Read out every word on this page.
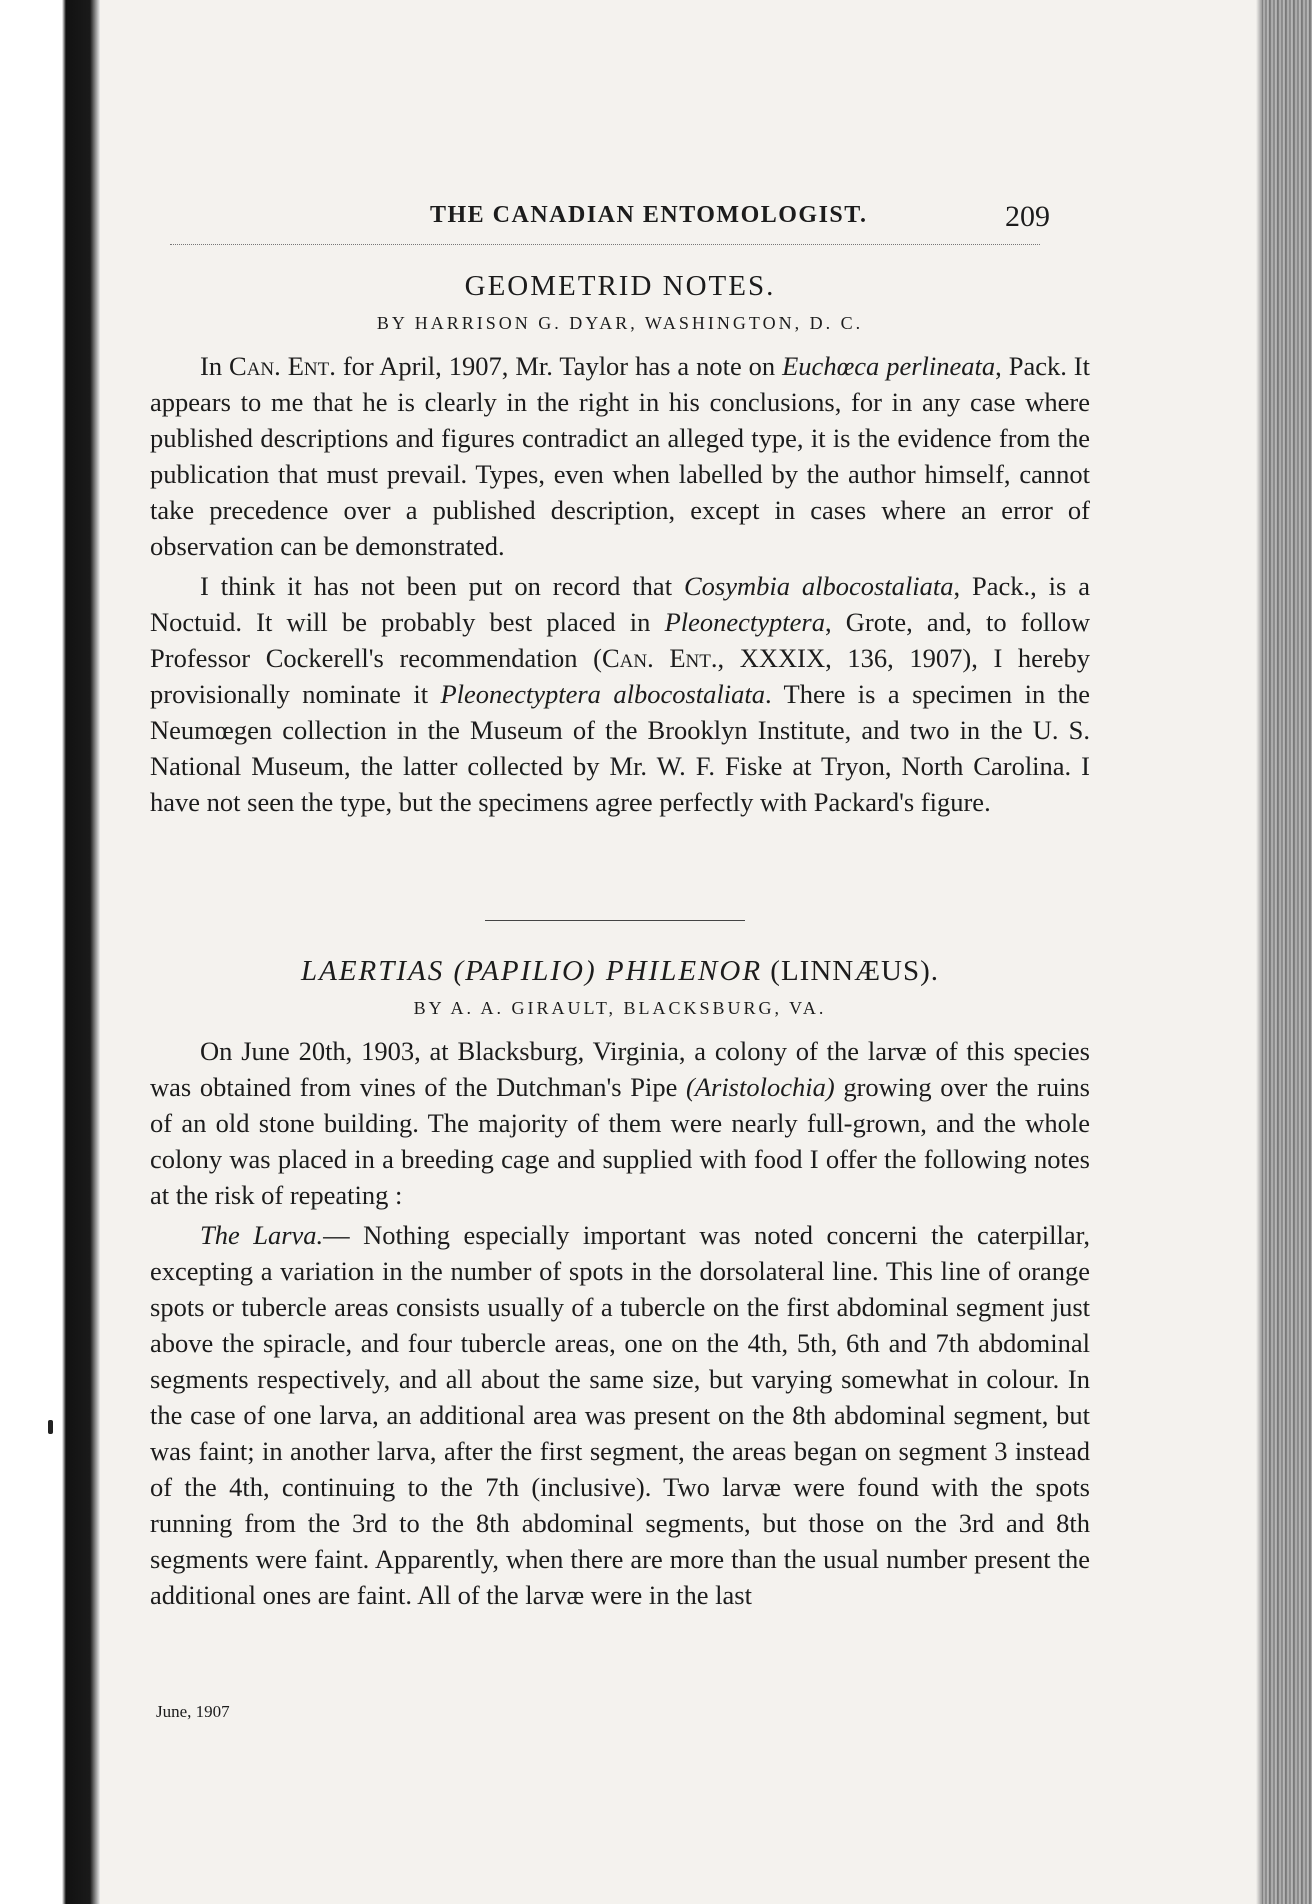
THE CANADIAN ENTOMOLOGIST.	209
GEOMETRID NOTES.
BY HARRISON G. DYAR, WASHINGTON, D. C.

In Can. Ent. for April, 1907, Mr. Taylor has a note on Euchœca perlineata, Pack. It appears to me that he is clearly in the right in his conclusions, for in any case where published descriptions and figures contradict an alleged type, it is the evidence from the publication that must prevail. Types, even when labelled by the author himself, cannot take precedence over a published description, except in cases where an error of observation can be demonstrated.

I think it has not been put on record that Cosymbia albocostaliata, Pack., is a Noctuid. It will be probably best placed in Pleonectyptera, Grote, and, to follow Professor Cockerell's recommendation (Can. Ent., XXXIX, 136, 1907), I hereby provisionally nominate it Pleonectyptera albocostaliata. There is a specimen in the Neumœgen collection in the Museum of the Brooklyn Institute, and two in the U. S. National Museum, the latter collected by Mr. W. F. Fiske at Tryon, North Carolina. I have not seen the type, but the specimens agree perfectly with Packard's figure.

LAERTIAS (PAPILIO) PHILENOR (LINNÆUS).
BY A. A. GIRAULT, BLACKSBURG, VA.

On June 20th, 1903, at Blacksburg, Virginia, a colony of the larvæ of this species was obtained from vines of the Dutchman's Pipe (Aristolochia) growing over the ruins of an old stone building. The majority of them were nearly full-grown, and the whole colony was placed in a breeding cage and supplied with food I offer the following notes at the risk of repeating :

The Larva.— Nothing especially important was noted concerni the caterpillar, excepting a variation in the number of spots in the dorsolateral line. This line of orange spots or tubercle areas consists usually of a tubercle on the first abdominal segment just above the spiracle, and four tubercle areas, one on the 4th, 5th, 6th and 7th abdominal segments respectively, and all about the same size, but varying somewhat in colour. In the case of one larva, an additional area was present on the 8th abdominal segment, but was faint; in another larva, after the first segment, the areas began on segment 3 instead of the 4th, continuing to the 7th (inclusive). Two larvæ were found with the spots running from the 3rd to the 8th abdominal segments, but those on the 3rd and 8th segments were faint. Apparently, when there are more than the usual number present the additional ones are faint. All of the larvæ were in the last

June, 1907
